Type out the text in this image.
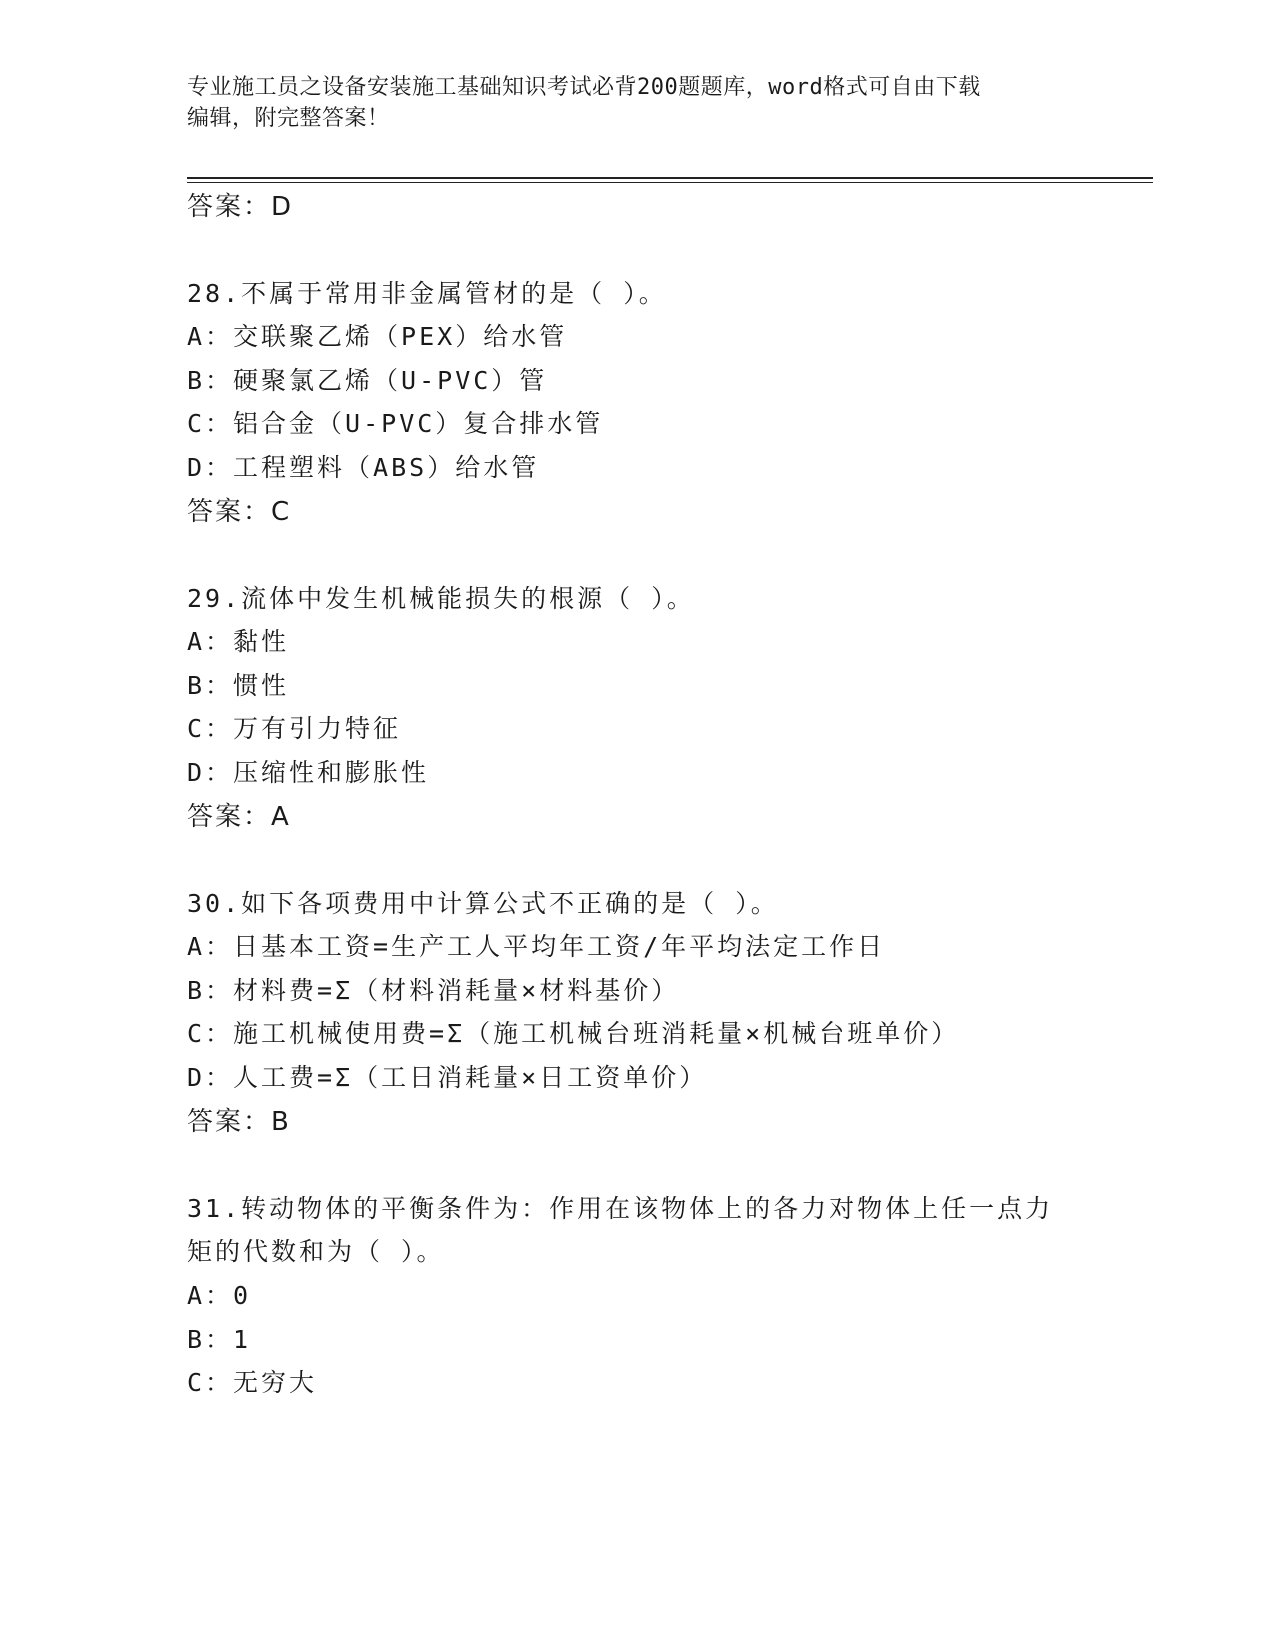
专业施工员之设备安装施工基础知识考试必背200题题库，word格式可自由下载
编辑，附完整答案！
答案：D
28.不属于常用非金属管材的是（ ）。
A：交联聚乙烯（PEX）给水管
B：硬聚氯乙烯（U-PVC）管
C：铝合金（U-PVC）复合排水管
D：工程塑料（ABS）给水管
答案：C
29.流体中发生机械能损失的根源（ ）。
A：黏性
B：惯性
C：万有引力特征
D：压缩性和膨胀性
答案：A
30.如下各项费用中计算公式不正确的是（ ）。
A：日基本工资=生产工人平均年工资/年平均法定工作日
B：材料费=Σ（材料消耗量×材料基价）
C：施工机械使用费=Σ（施工机械台班消耗量×机械台班单价）
D：人工费=Σ（工日消耗量×日工资单价）
答案：B
31.转动物体的平衡条件为：作用在该物体上的各力对物体上任一点力
矩的代数和为（ ）。
A：0
B：1
C：无穷大
